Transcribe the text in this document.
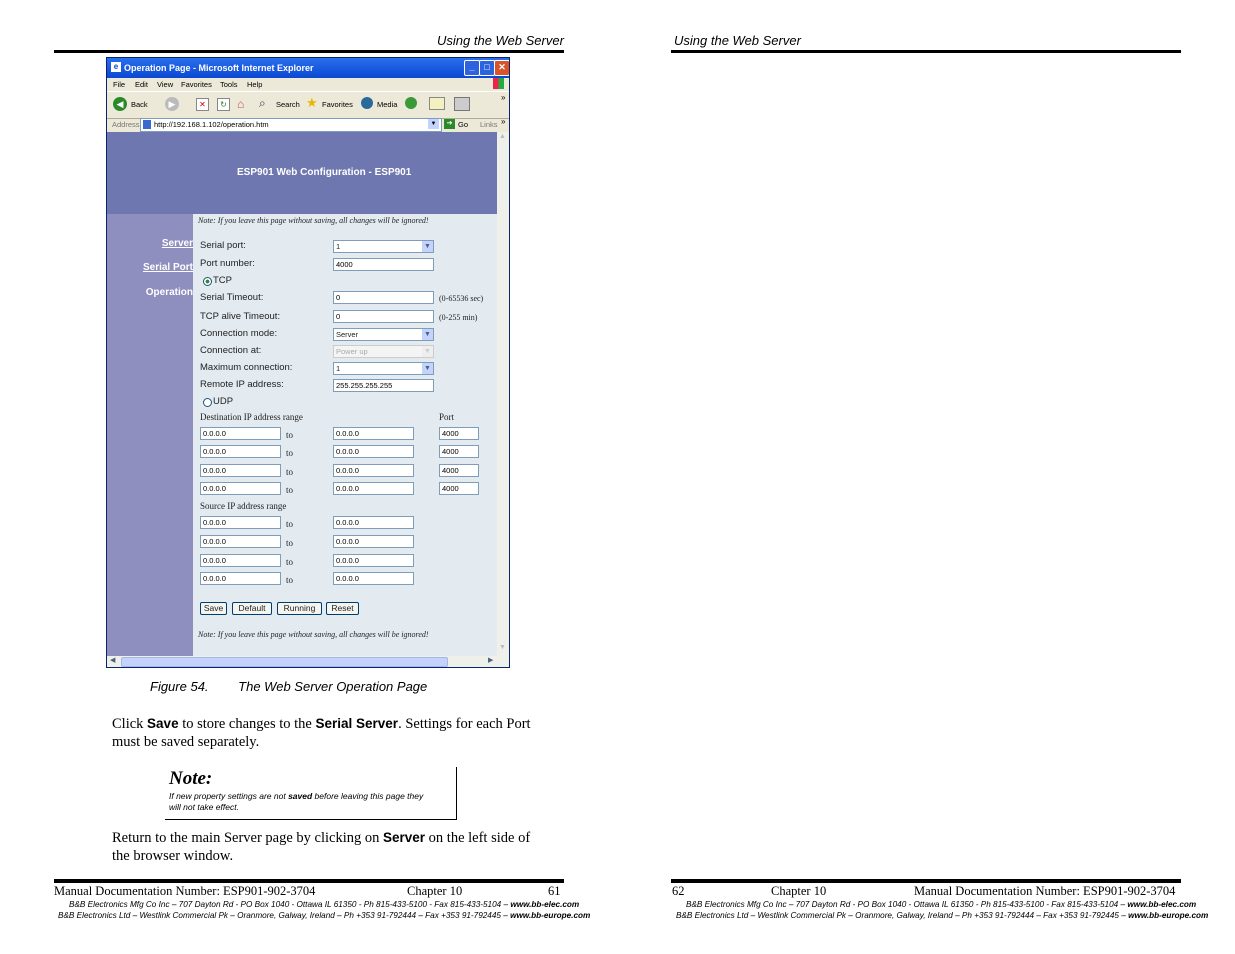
Using the Web Server
e Operation Page - Microsoft Internet Explorer	_	□ ✕
File Edit View Favorites Tools Help
◀	Back	▶	✕	↻ ⌂ ⌕ Search ★ Favorites	Media
»
Address http://192.168.1.102/operation.htm	▼	➔ Go Links »
ESP901 Web Configuration - ESP901
Server
Serial Port
Operation
Note: If you leave this page without saving, all changes will be ignored!
Serial port:	1	▼
Port number:	4000
TCP
Serial Timeout:	0	(0-65536 sec)
TCP alive Timeout:	0	(0-255 min)
Connection mode:	Server	▼
Connection at:	Power up	▼
Maximum connection:	1	▼
Remote IP address:	255.255.255.255
UDP
Destination IP address range	Port
0.0.0.0	to	0.0.0.0	4000
0.0.0.0	to	0.0.0.0	4000
0.0.0.0	to	0.0.0.0	4000
0.0.0.0	to	0.0.0.0	4000
Source IP address range
0.0.0.0	to	0.0.0.0
0.0.0.0	to	0.0.0.0
0.0.0.0	to	0.0.0.0
0.0.0.0	to	0.0.0.0
Save	Default	Running	Reset
Note: If you leave this page without saving, all changes will be ignored!
▲
▼
◀	▶
Figure 54. The Web Server Operation Page
Click Save to store changes to the Serial Server. Settings for each Port
must be saved separately.
Note:
If new property settings are not saved before leaving this page they
will not take effect.
Return to the main Server page by clicking on Server on the left side of
the browser window.
Manual Documentation Number: ESP901-902-3704	Chapter 10	61
B&B Electronics Mfg Co Inc – 707 Dayton Rd - PO Box 1040 - Ottawa IL 61350 - Ph 815-433-5100 - Fax 815-433-5104 – www.bb-elec.com
B&B Electronics Ltd – Westlink Commercial Pk – Oranmore, Galway, Ireland – Ph +353 91-792444 – Fax +353 91-792445 – www.bb-europe.com
Using the Web Server
62	Chapter 10	Manual Documentation Number: ESP901-902-3704
B&B Electronics Mfg Co Inc – 707 Dayton Rd - PO Box 1040 - Ottawa IL 61350 - Ph 815-433-5100 - Fax 815-433-5104 – www.bb-elec.com
B&B Electronics Ltd – Westlink Commercial Pk – Oranmore, Galway, Ireland – Ph +353 91-792444 – Fax +353 91-792445 – www.bb-europe.com
